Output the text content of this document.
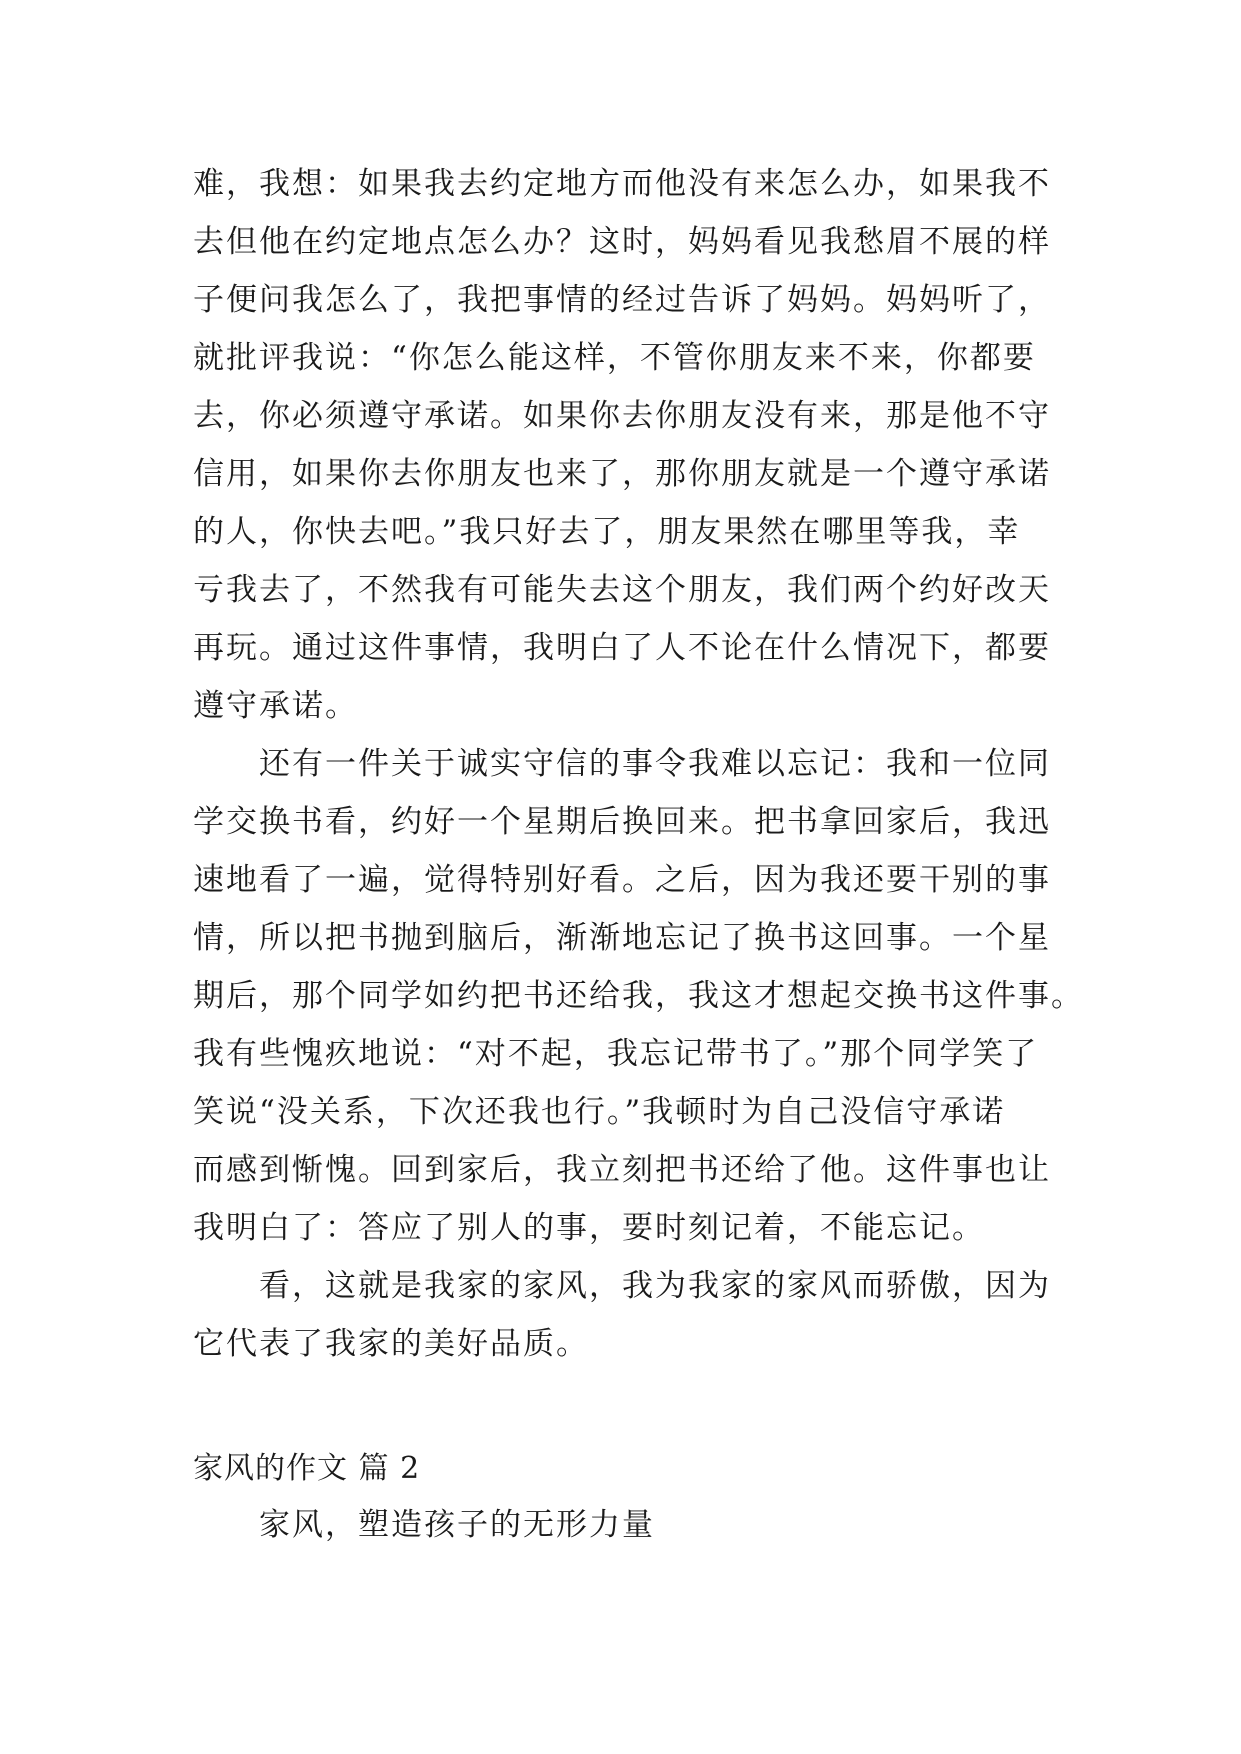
难，我想：如果我去约定地方而他没有来怎么办，如果我不
去但他在约定地点怎么办？这时，妈妈看见我愁眉不展的样
子便问我怎么了，我把事情的经过告诉了妈妈。妈妈听了，
就批评我说：“你怎么能这样，不管你朋友来不来，你都要
去，你必须遵守承诺。如果你去你朋友没有来，那是他不守
信用，如果你去你朋友也来了，那你朋友就是一个遵守承诺
的人，你快去吧。”我只好去了，朋友果然在哪里等我，幸
亏我去了，不然我有可能失去这个朋友，我们两个约好改天
再玩。通过这件事情，我明白了人不论在什么情况下，都要
遵守承诺。
　　还有一件关于诚实守信的事令我难以忘记：我和一位同
学交换书看，约好一个星期后换回来。把书拿回家后，我迅
速地看了一遍，觉得特别好看。之后，因为我还要干别的事
情，所以把书抛到脑后，渐渐地忘记了换书这回事。一个星
期后，那个同学如约把书还给我，我这才想起交换书这件事。
我有些愧疚地说：“对不起，我忘记带书了。”那个同学笑了
笑说“没关系，下次还我也行。”我顿时为自己没信守承诺
而感到惭愧。回到家后，我立刻把书还给了他。这件事也让
我明白了：答应了别人的事，要时刻记着，不能忘记。
　　看，这就是我家的家风，我为我家的家风而骄傲，因为
它代表了我家的美好品质。
家风的作文 篇 2
　　家风，塑造孩子的无形力量
